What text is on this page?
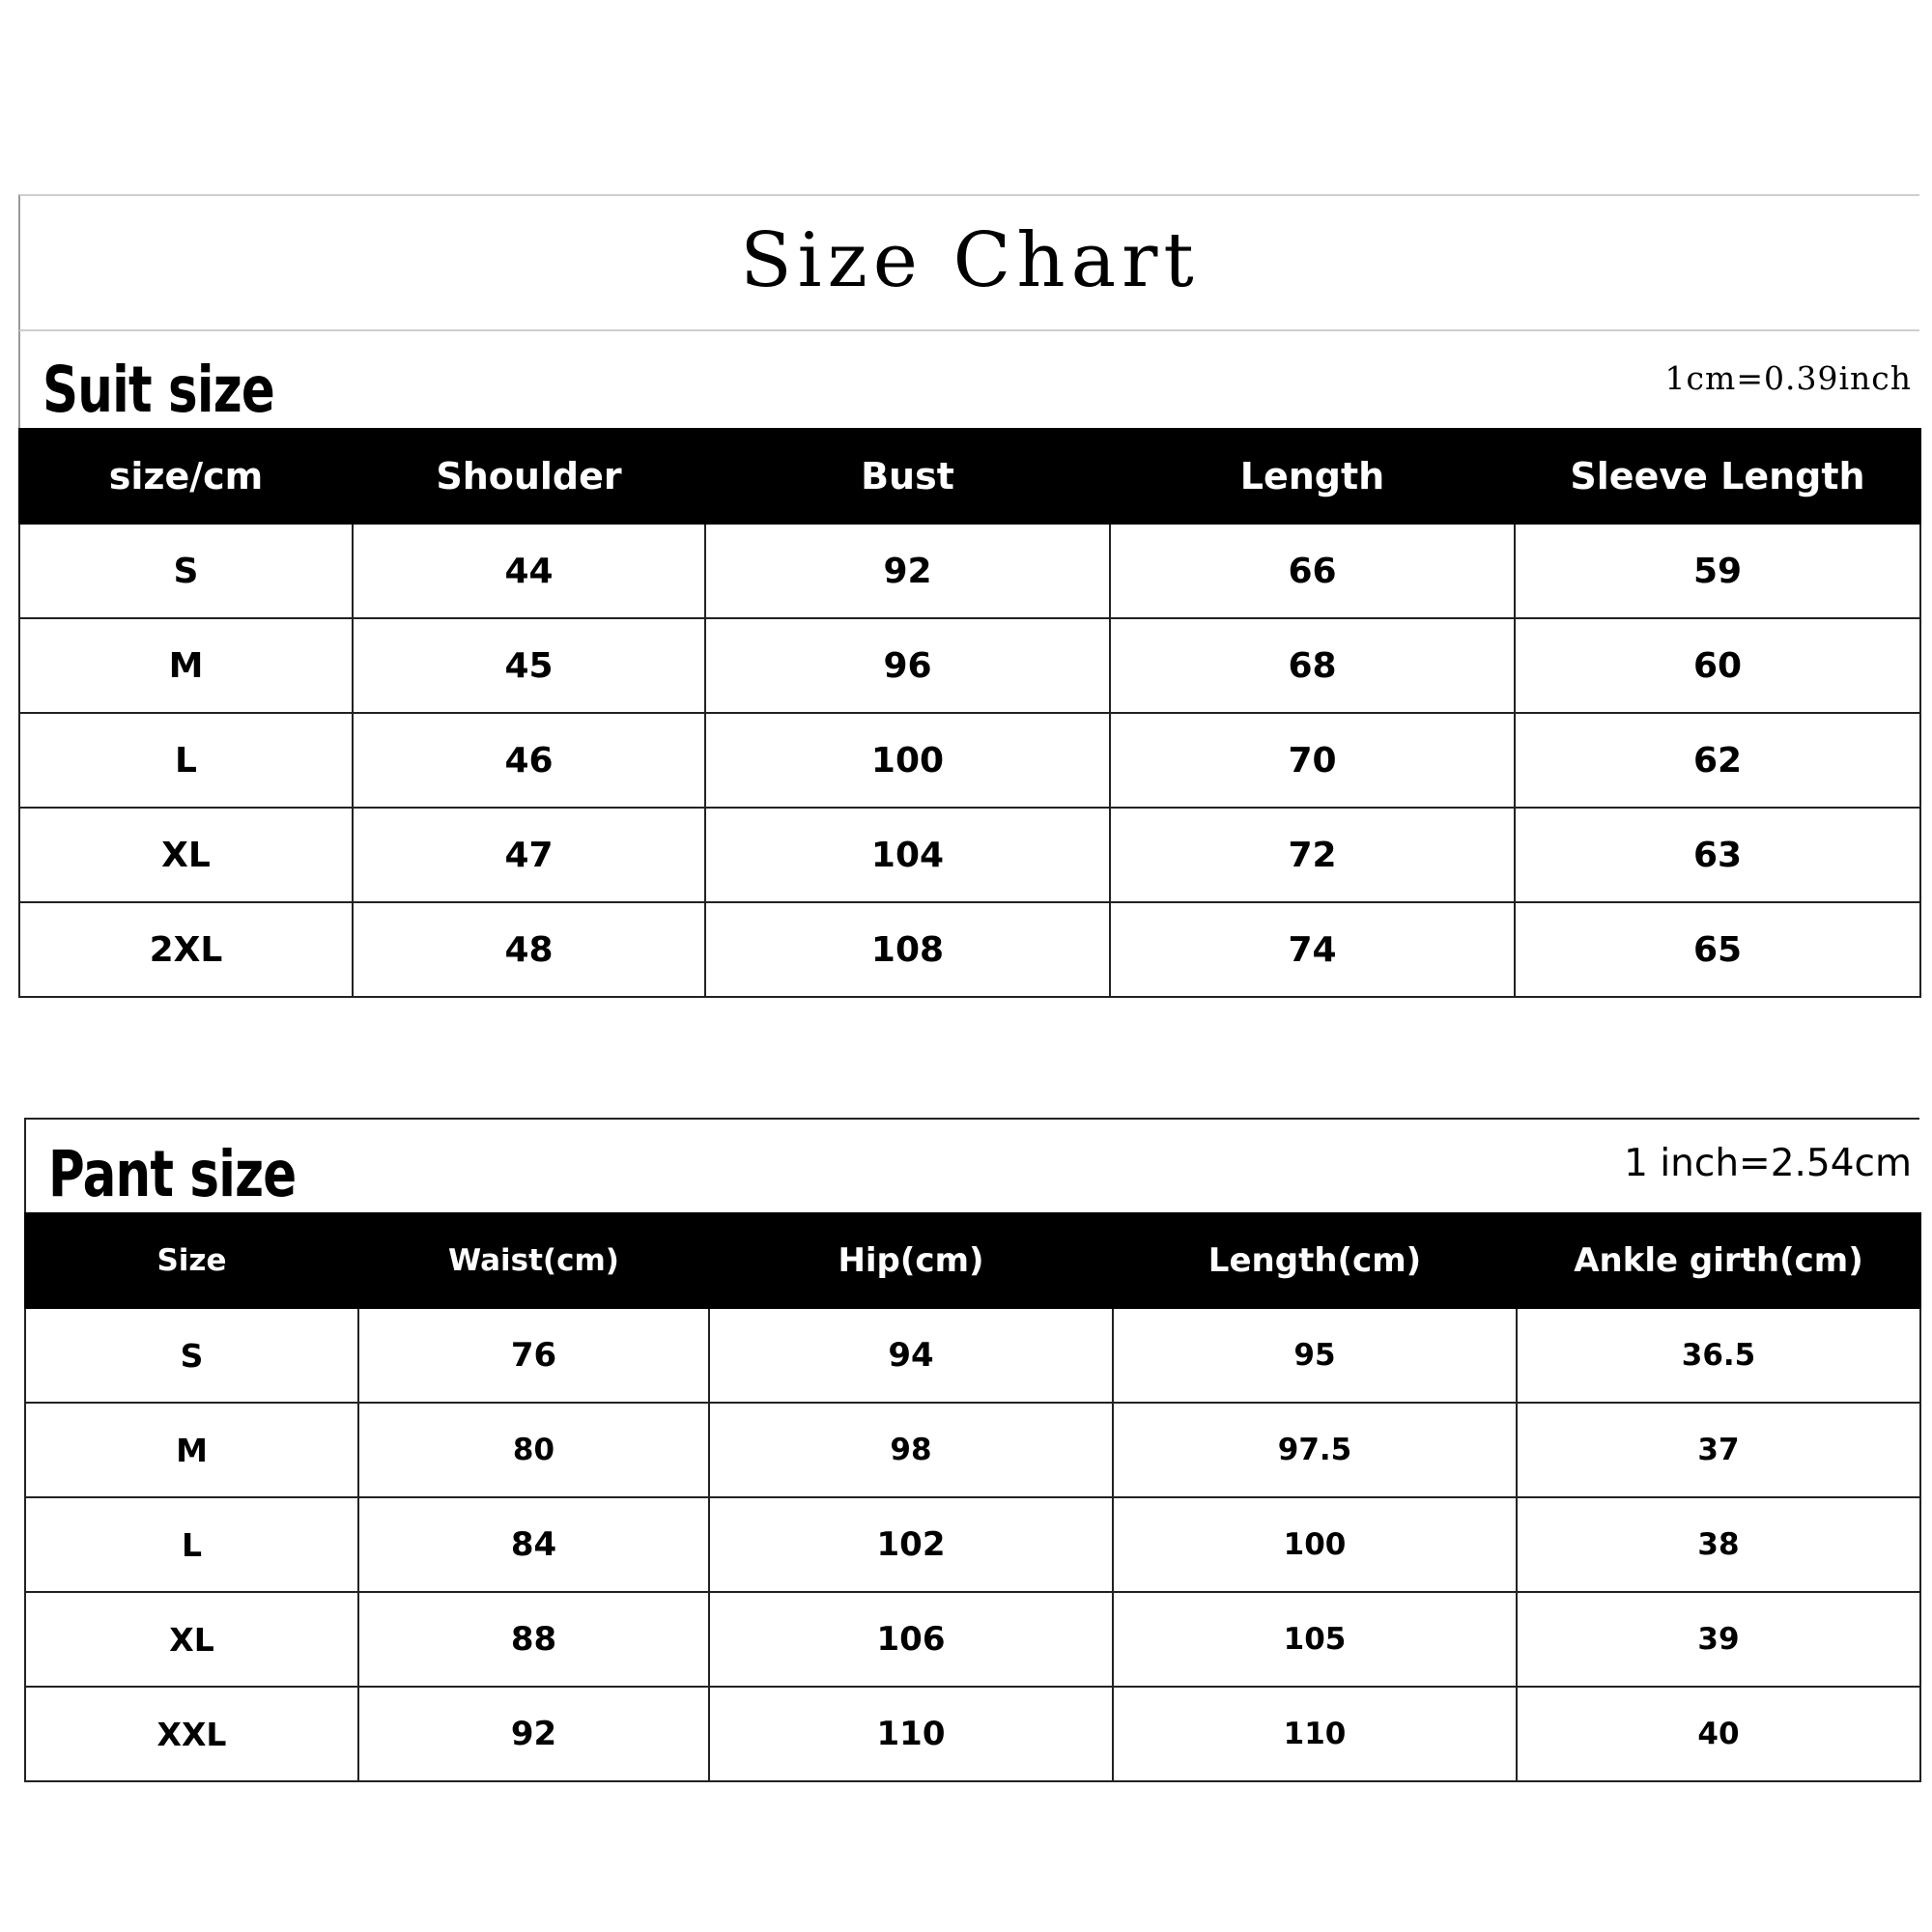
Size Chart
Suit size	1cm=0.39inch
size/cm	Shoulder	Bust	Length	Sleeve Length
S	44	92	66	59
M	45	96	68	60
L	46	100	70	62
XL	47	104	72	63
2XL	48	108	74	65
Pant size	1 inch=2.54cm
Size	Waist(cm)	Hip(cm)	Length(cm)	Ankle girth(cm)
S	76	94	95	36.5
M	80	98	97.5	37
L	84	102	100	38
XL	88	106	105	39
XXL	92	110	110	40
